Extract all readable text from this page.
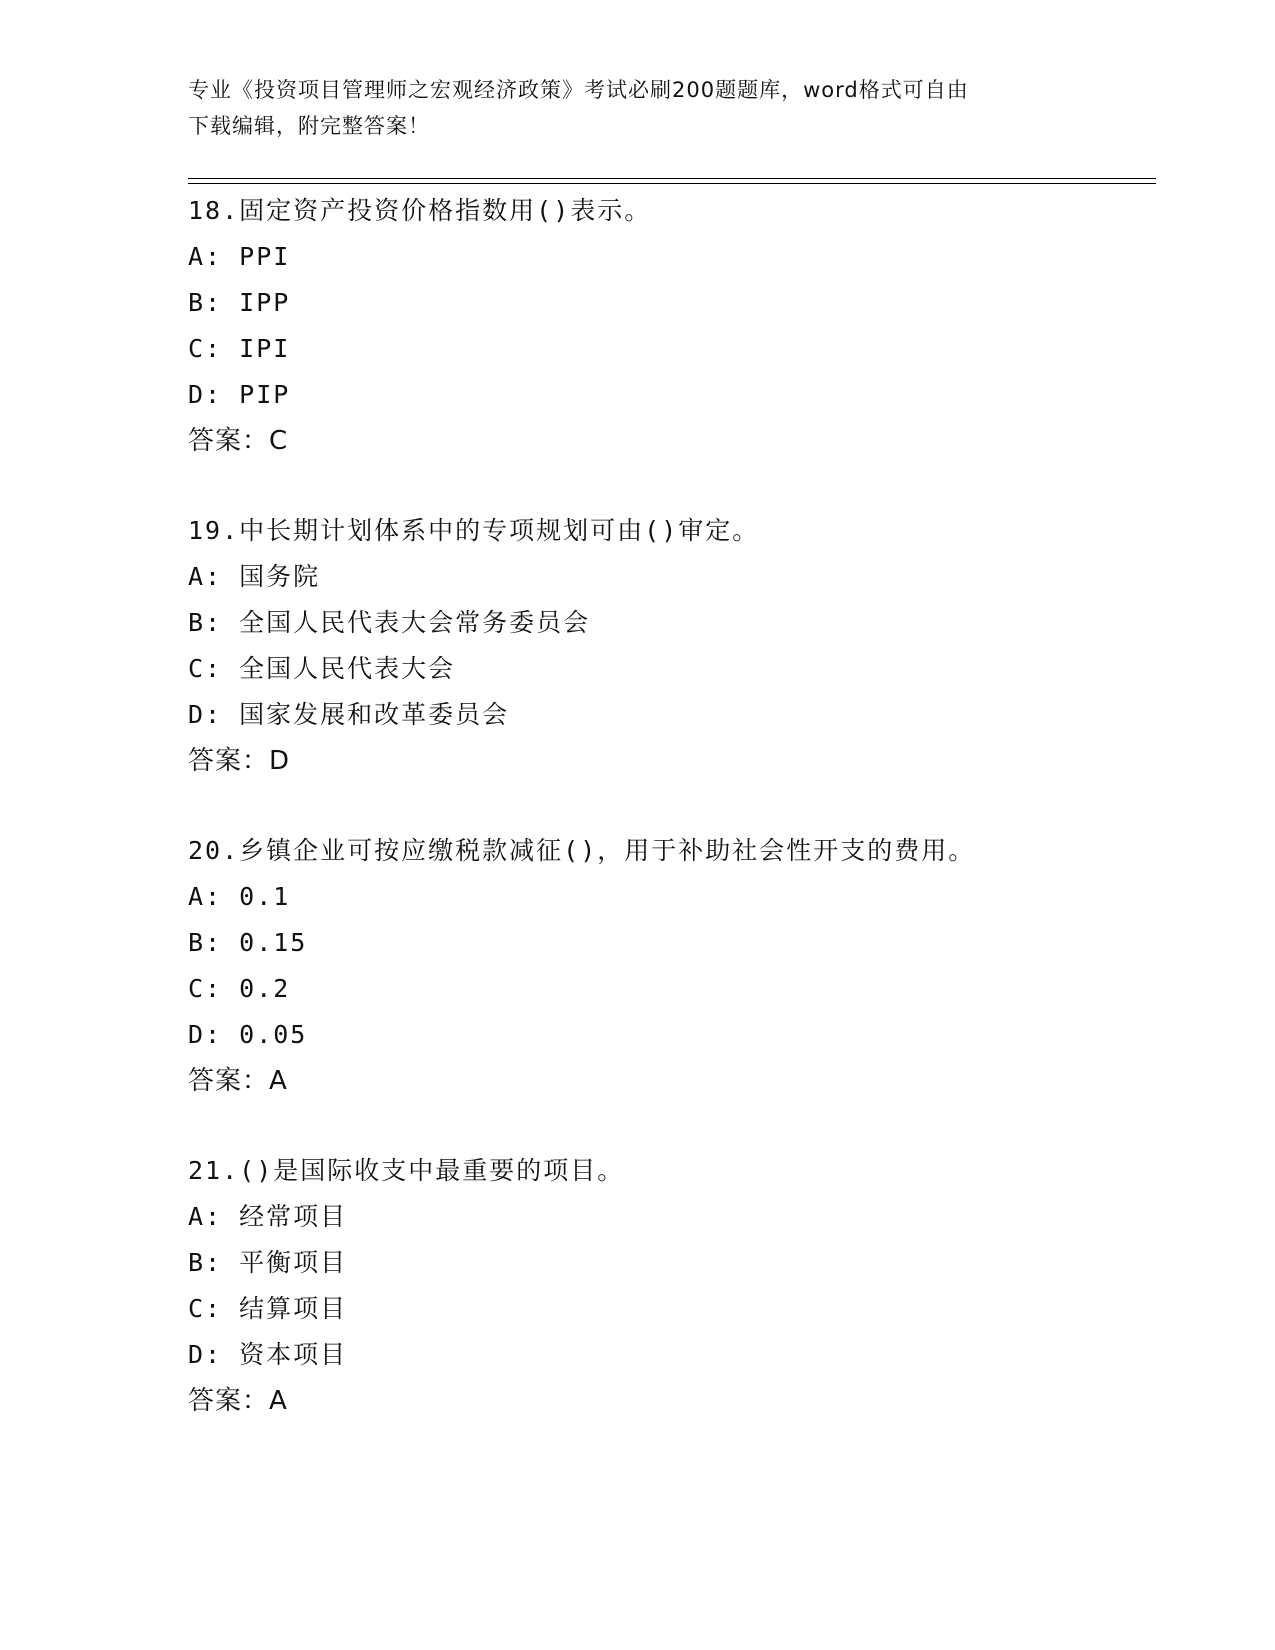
专业《投资项目管理师之宏观经济政策》考试必刷200题题库，word格式可自由
下载编辑，附完整答案！
18.固定资产投资价格指数用()表示。
A: PPI
B: IPP
C: IPI
D: PIP
答案：C
19.中长期计划体系中的专项规划可由()审定。
A: 国务院
B: 全国人民代表大会常务委员会
C: 全国人民代表大会
D: 国家发展和改革委员会
答案：D
20.乡镇企业可按应缴税款减征()，用于补助社会性开支的费用。
A: 0.1
B: 0.15
C: 0.2
D: 0.05
答案：A
21.()是国际收支中最重要的项目。
A: 经常项目
B: 平衡项目
C: 结算项目
D: 资本项目
答案：A
